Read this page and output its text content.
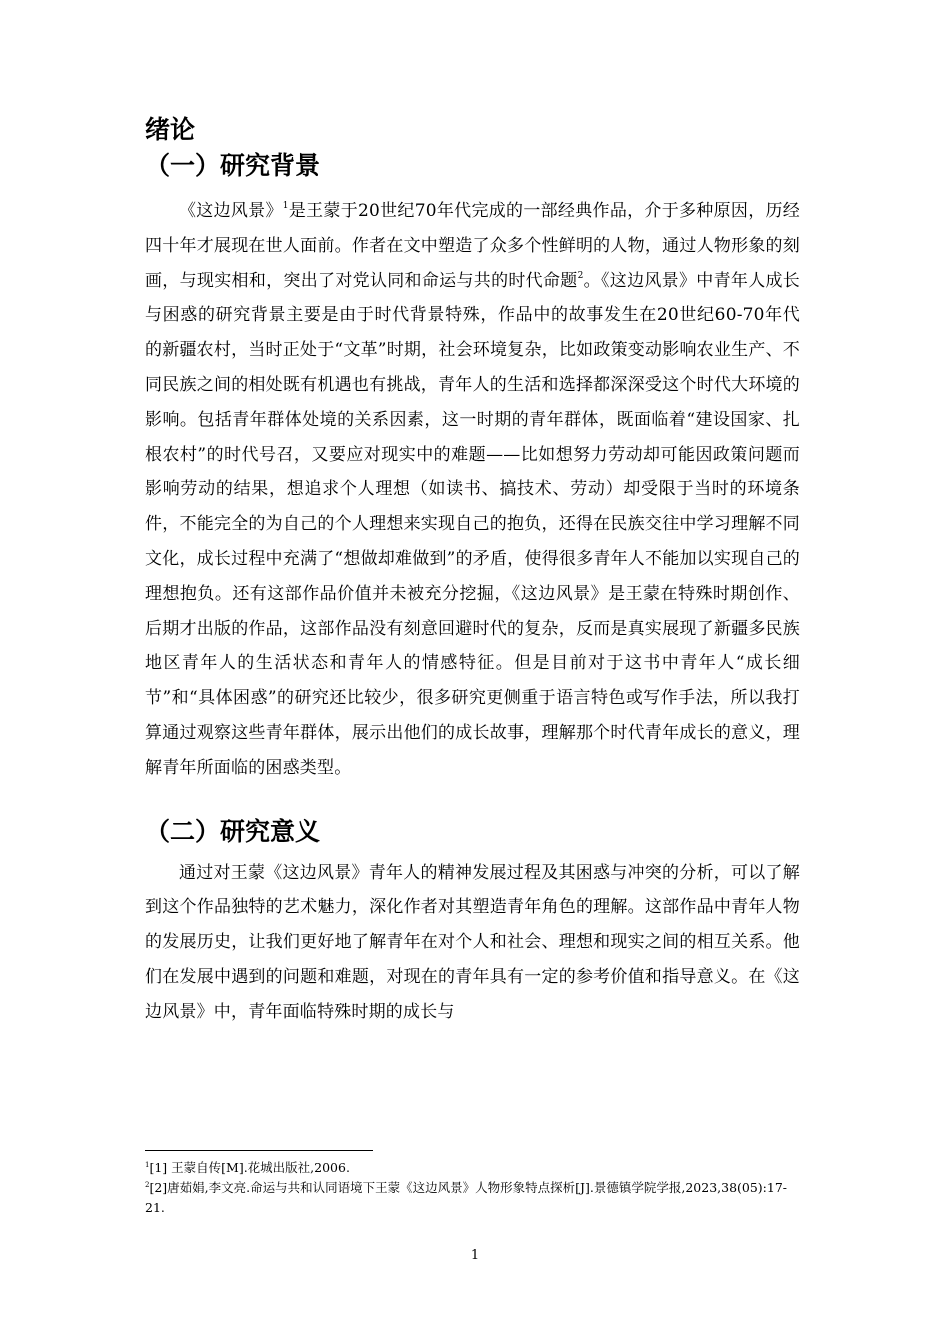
绪论
（一）研究背景

《这边风景》$^1$是王蒙于20世纪70年代完成的一部经典作品，介于多种原因，历经四十年才展现在世人面前。作者在文中塑造了众多个性鲜明的人物，通过人物形象的刻画，与现实相和，突出了对党认同和命运与共的时代命题$^2$。《这边风景》中青年人成长与困惑的研究背景主要是由于时代背景特殊，作品中的故事发生在20世纪60-70年代的新疆农村，当时正处于“文革”时期，社会环境复杂，比如政策变动影响农业生产、不同民族之间的相处既有机遇也有挑战，青年人的生活和选择都深深受这个时代大环境的影响。包括青年群体处境的关系因素，这一时期的青年群体，既面临着“建设国家、扎根农村”的时代号召，又要应对现实中的难题——比如想努力劳动却可能因政策问题而影响劳动的结果，想追求个人理想（如读书、搞技术、劳动）却受限于当时的环境条件，不能完全的为自己的个人理想来实现自己的抱负，还得在民族交往中学习理解不同文化，成长过程中充满了“想做却难做到”的矛盾，使得很多青年人不能加以实现自己的理想抱负。还有这部作品价值并未被充分挖掘，《这边风景》是王蒙在特殊时期创作、后期才出版的作品，这部作品没有刻意回避时代的复杂，反而是真实展现了新疆多民族地区青年人的生活状态和青年人的情感特征。但是目前对于这书中青年人“成长细节”和“具体困惑”的研究还比较少，很多研究更侧重于语言特色或写作手法，所以我打算通过观察这些青年群体，展示出他们的成长故事，理解那个时代青年成长的意义，理解青年所面临的困惑类型。

（二）研究意义

通过对王蒙《这边风景》青年人的精神发展过程及其困惑与冲突的分析，可以了解到这个作品独特的艺术魅力，深化作者对其塑造青年角色的理解。这部作品中青年人物的发展历史，让我们更好地了解青年在对个人和社会、理想和现实之间的相互关系。他们在发展中遇到的问题和难题，对现在的青年具有一定的参考价值和指导意义。在《这边风景》中，青年面临特殊时期的成长与

$^1$[1] 王蒙自传[M].花城出版社,2006.

$^2$[2]唐茹娟,李文亮.命运与共和认同语境下王蒙《这边风景》人物形象特点探析[J].景德镇学院学报,2023,38(05):17-21.

1
